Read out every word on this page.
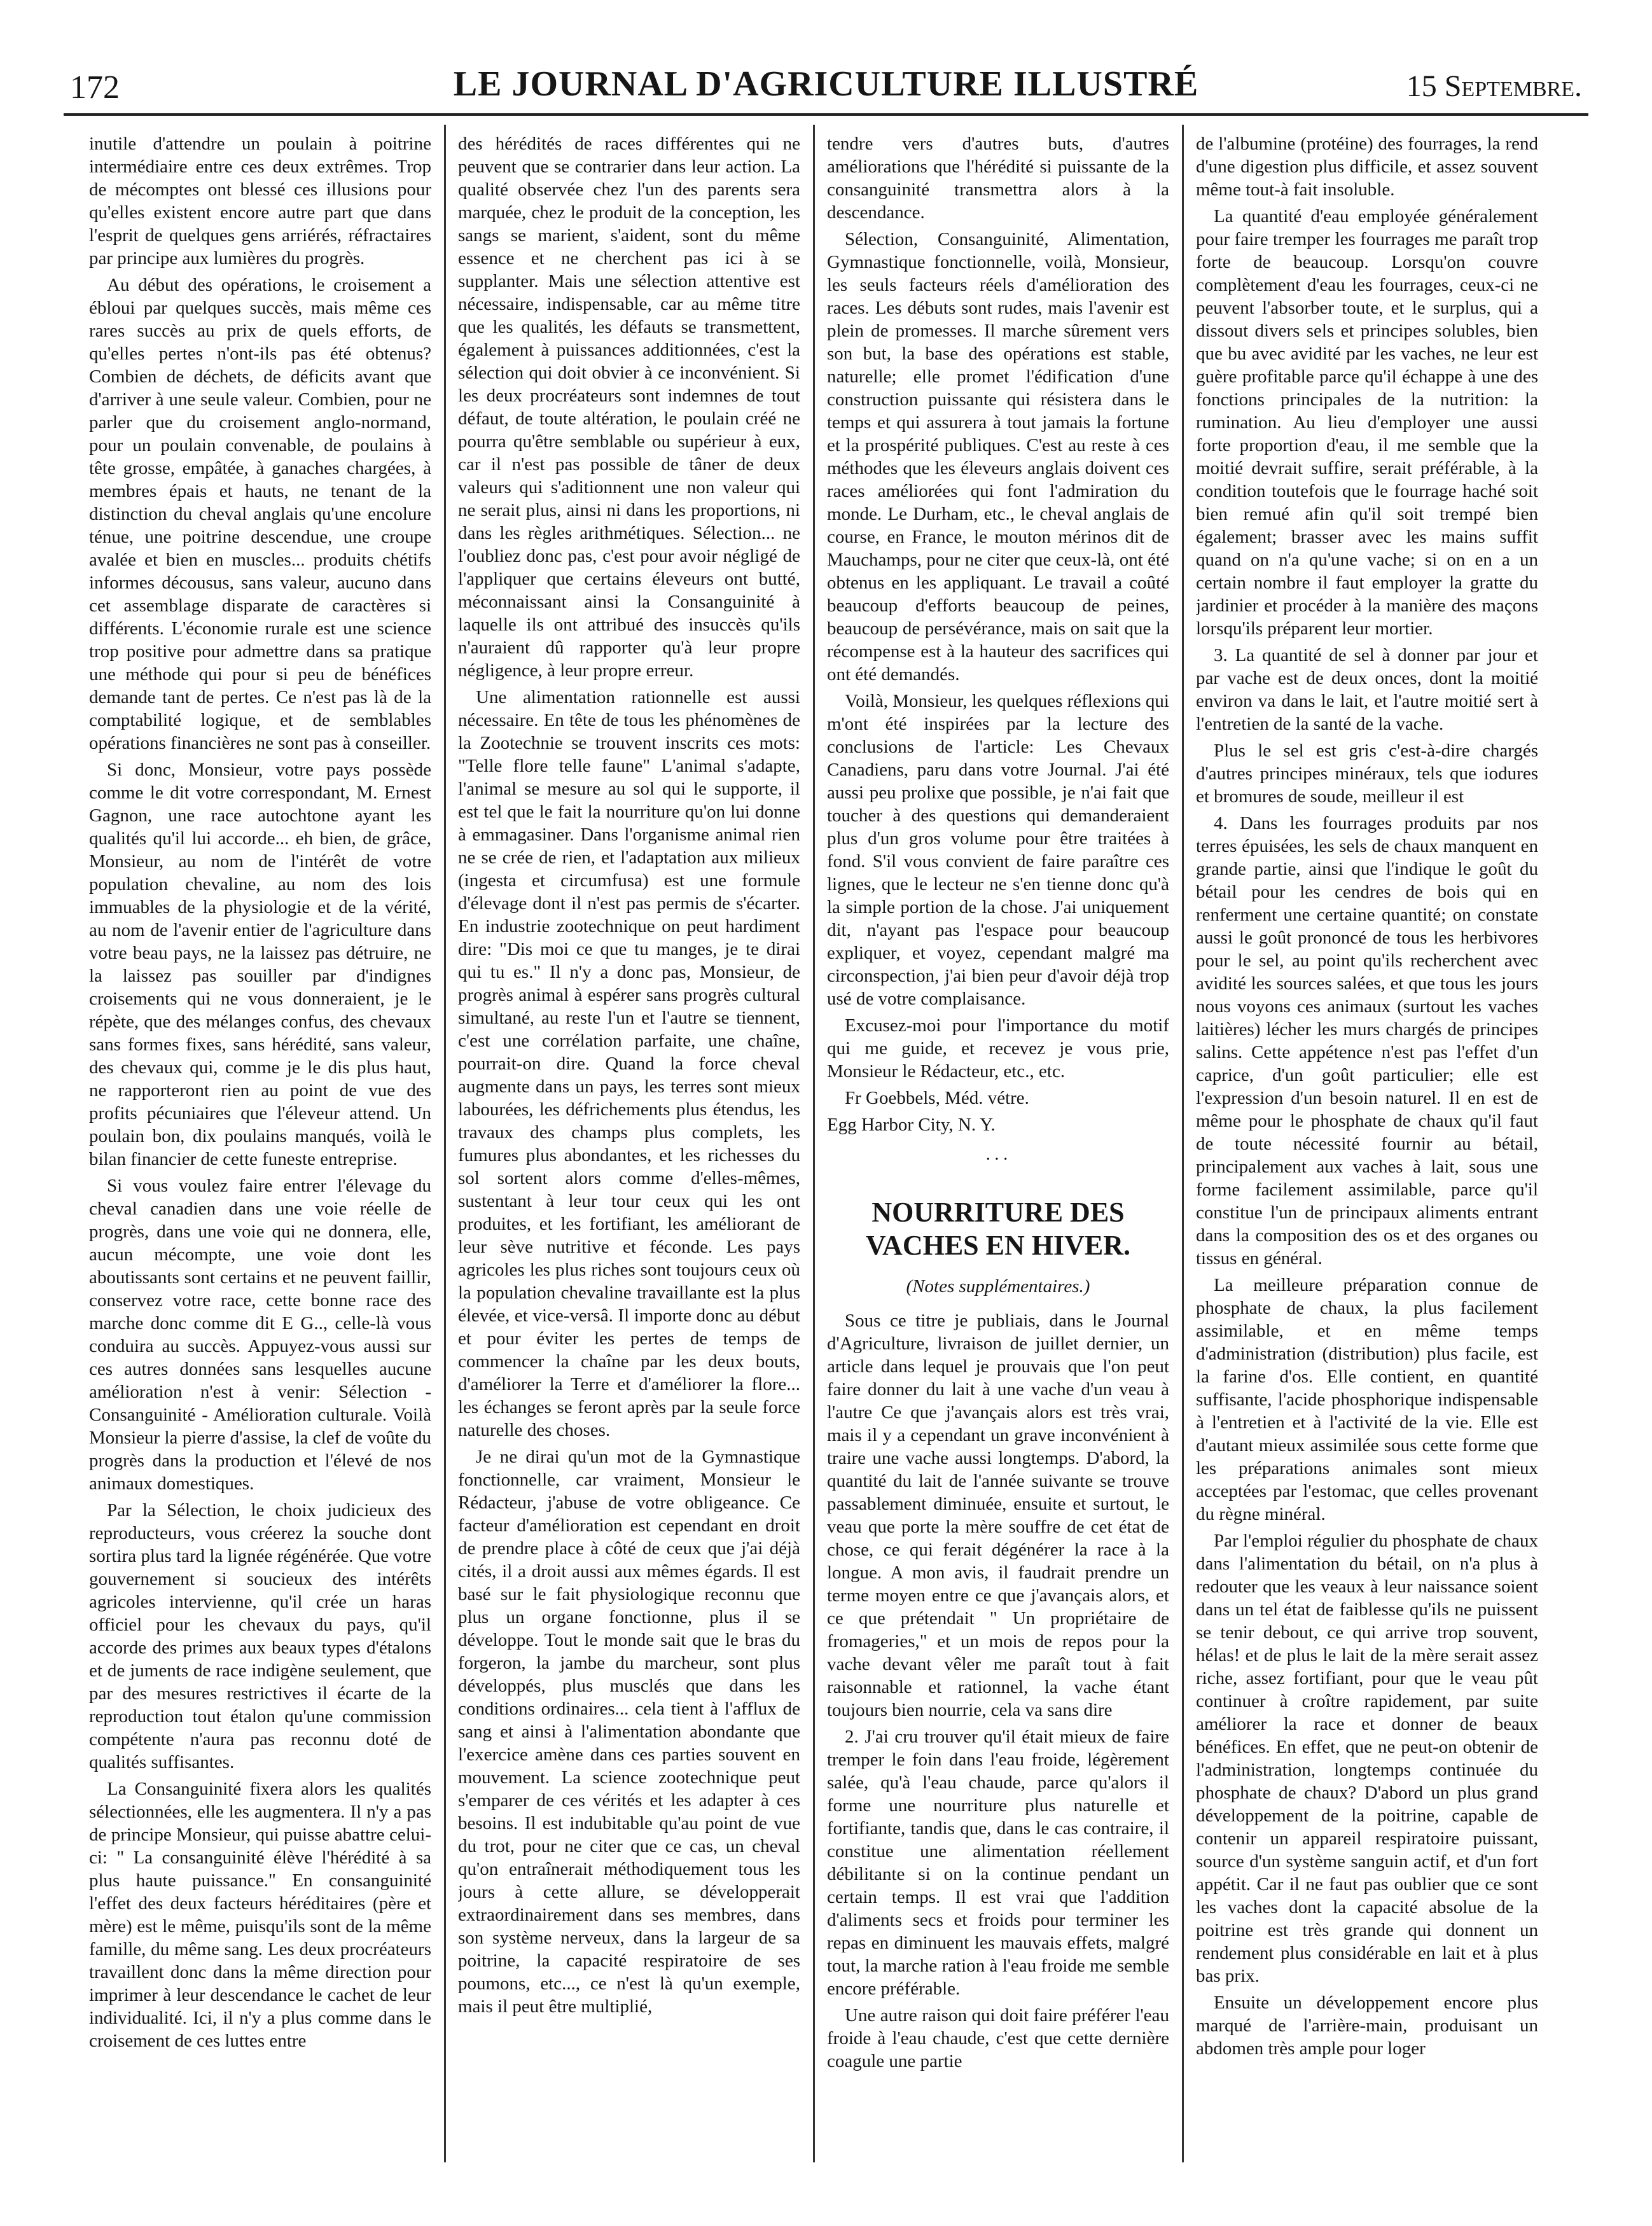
172	LE JOURNAL D'AGRICULTURE ILLUSTRÉ	15 Septembre.

inutile d'attendre un poulain à poitrine intermédiaire entre ces deux extrêmes. Trop de mécomptes ont blessé ces illusions pour qu'elles existent encore autre part que dans l'esprit de quelques gens arriérés, réfractaires par principe aux lumières du progrès.

Au début des opérations, le croisement a ébloui par quelques succès, mais même ces rares succès au prix de quels efforts, de qu'elles pertes n'ont-ils pas été obtenus? Combien de déchets, de déficits avant que d'arriver à une seule valeur. Combien, pour ne parler que du croisement anglo-normand, pour un poulain convenable, de poulains à tête grosse, empâtée, à ganaches chargées, à membres épais et hauts, ne tenant de la distinction du cheval anglais qu'une encolure ténue, une poitrine descendue, une croupe avalée et bien en muscles... produits chétifs informes décousus, sans valeur, aucuno dans cet assemblage disparate de caractères si différents. L'économie rurale est une science trop positive pour admettre dans sa pratique une méthode qui pour si peu de bénéfices demande tant de pertes. Ce n'est pas là de la comptabilité logique, et de semblables opérations financières ne sont pas à conseiller.

Si donc, Monsieur, votre pays possède comme le dit votre correspondant, M. Ernest Gagnon, une race autochtone ayant les qualités qu'il lui accorde... eh bien, de grâce, Monsieur, au nom de l'intérêt de votre population chevaline, au nom des lois immuables de la physiologie et de la vérité, au nom de l'avenir entier de l'agriculture dans votre beau pays, ne la laissez pas détruire, ne la laissez pas souiller par d'indignes croisements qui ne vous donneraient, je le répète, que des mélanges confus, des chevaux sans formes fixes, sans hérédité, sans valeur, des chevaux qui, comme je le dis plus haut, ne rapporteront rien au point de vue des profits pécuniaires que l'éleveur attend. Un poulain bon, dix poulains manqués, voilà le bilan financier de cette funeste entreprise.

Si vous voulez faire entrer l'élevage du cheval canadien dans une voie réelle de progrès, dans une voie qui ne donnera, elle, aucun mécompte, une voie dont les aboutissants sont certains et ne peuvent faillir, conservez votre race, cette bonne race des marche donc comme dit E G.., celle-là vous conduira au succès. Appuyez-vous aussi sur ces autres données sans lesquelles aucune amélioration n'est à venir: Sélection - Consanguinité - Amélioration culturale. Voilà Monsieur la pierre d'assise, la clef de voûte du progrès dans la production et l'élevé de nos animaux domestiques.

Par la Sélection, le choix judicieux des reproducteurs, vous créerez la souche dont sortira plus tard la lignée régénérée. Que votre gouvernement si soucieux des intérêts agricoles intervienne, qu'il crée un haras officiel pour les chevaux du pays, qu'il accorde des primes aux beaux types d'étalons et de juments de race indigène seulement, que par des mesures restrictives il écarte de la reproduction tout étalon qu'une commission compétente n'aura pas reconnu doté de qualités suffisantes.

La Consanguinité fixera alors les qualités sélectionnées, elle les augmentera. Il n'y a pas de principe Monsieur, qui puisse abattre celui-ci: " La consanguinité élève l'hérédité à sa plus haute puissance." En consanguinité l'effet des deux facteurs héréditaires (père et mère) est le même, puisqu'ils sont de la même famille, du même sang. Les deux procréateurs travaillent donc dans la même direction pour imprimer à leur descendance le cachet de leur individualité. Ici, il n'y a plus comme dans le croisement de ces luttes entre

des hérédités de races différentes qui ne peuvent que se contrarier dans leur action. La qualité observée chez l'un des parents sera marquée, chez le produit de la conception, les sangs se marient, s'aident, sont du même essence et ne cherchent pas ici à se supplanter. Mais une sélection attentive est nécessaire, indispensable, car au même titre que les qualités, les défauts se transmettent, également à puissances additionnées, c'est la sélection qui doit obvier à ce inconvénient. Si les deux procréateurs sont indemnes de tout défaut, de toute altération, le poulain créé ne pourra qu'être semblable ou supérieur à eux, car il n'est pas possible de tâner de deux valeurs qui s'aditionnent une non valeur qui ne serait plus, ainsi ni dans les proportions, ni dans les règles arithmétiques. Sélection... ne l'oubliez donc pas, c'est pour avoir négligé de l'appliquer que certains éleveurs ont butté, méconnaissant ainsi la Consanguinité à laquelle ils ont attribué des insuccès qu'ils n'auraient dû rapporter qu'à leur propre négligence, à leur propre erreur.

Une alimentation rationnelle est aussi nécessaire. En tête de tous les phénomènes de la Zootechnie se trouvent inscrits ces mots: "Telle flore telle faune" L'animal s'adapte, l'animal se mesure au sol qui le supporte, il est tel que le fait la nourriture qu'on lui donne à emmagasiner. Dans l'organisme animal rien ne se crée de rien, et l'adaptation aux milieux (ingesta et circumfusa) est une formule d'élevage dont il n'est pas permis de s'écarter. En industrie zootechnique on peut hardiment dire: "Dis moi ce que tu manges, je te dirai qui tu es." Il n'y a donc pas, Monsieur, de progrès animal à espérer sans progrès cultural simultané, au reste l'un et l'autre se tiennent, c'est une corrélation parfaite, une chaîne, pourrait-on dire. Quand la force cheval augmente dans un pays, les terres sont mieux labourées, les défrichements plus étendus, les travaux des champs plus complets, les fumures plus abondantes, et les richesses du sol sortent alors comme d'elles-mêmes, sustentant à leur tour ceux qui les ont produites, et les fortifiant, les améliorant de leur sève nutritive et féconde. Les pays agricoles les plus riches sont toujours ceux où la population chevaline travaillante est la plus élevée, et vice-versâ. Il importe donc au début et pour éviter les pertes de temps de commencer la chaîne par les deux bouts, d'améliorer la Terre et d'améliorer la flore... les échanges se feront après par la seule force naturelle des choses.

Je ne dirai qu'un mot de la Gymnastique fonctionnelle, car vraiment, Monsieur le Rédacteur, j'abuse de votre obligeance. Ce facteur d'amélioration est cependant en droit de prendre place à côté de ceux que j'ai déjà cités, il a droit aussi aux mêmes égards. Il est basé sur le fait physiologique reconnu que plus un organe fonctionne, plus il se développe. Tout le monde sait que le bras du forgeron, la jambe du marcheur, sont plus développés, plus musclés que dans les conditions ordinaires... cela tient à l'afflux de sang et ainsi à l'alimentation abondante que l'exercice amène dans ces parties souvent en mouvement. La science zootechnique peut s'emparer de ces vérités et les adapter à ces besoins. Il est indubitable qu'au point de vue du trot, pour ne citer que ce cas, un cheval qu'on entraînerait méthodiquement tous les jours à cette allure, se développerait extraordinairement dans ses membres, dans son système nerveux, dans la largeur de sa poitrine, la capacité respiratoire de ses poumons, etc..., ce n'est là qu'un exemple, mais il peut être multiplié,

tendre vers d'autres buts, d'autres améliorations que l'hérédité si puissante de la consanguinité transmettra alors à la descendance.

Sélection, Consanguinité, Alimentation, Gymnastique fonctionnelle, voilà, Monsieur, les seuls facteurs réels d'amélioration des races. Les débuts sont rudes, mais l'avenir est plein de promesses. Il marche sûrement vers son but, la base des opérations est stable, naturelle; elle promet l'édification d'une construction puissante qui résistera dans le temps et qui assurera à tout jamais la fortune et la prospérité publiques. C'est au reste à ces méthodes que les éleveurs anglais doivent ces races améliorées qui font l'admiration du monde. Le Durham, etc., le cheval anglais de course, en France, le mouton mérinos dit de Mauchamps, pour ne citer que ceux-là, ont été obtenus en les appliquant. Le travail a coûté beaucoup d'efforts beaucoup de peines, beaucoup de persévérance, mais on sait que la récompense est à la hauteur des sacrifices qui ont été demandés.

Voilà, Monsieur, les quelques réflexions qui m'ont été inspirées par la lecture des conclusions de l'article: Les Chevaux Canadiens, paru dans votre Journal. J'ai été aussi peu prolixe que possible, je n'ai fait que toucher à des questions qui demanderaient plus d'un gros volume pour être traitées à fond. S'il vous convient de faire paraître ces lignes, que le lecteur ne s'en tienne donc qu'à la simple portion de la chose. J'ai uniquement dit, n'ayant pas l'espace pour beaucoup expliquer, et voyez, cependant malgré ma circonspection, j'ai bien peur d'avoir déjà trop usé de votre complaisance.

Excusez-moi pour l'importance du motif qui me guide, et recevez je vous prie, Monsieur le Rédacteur, etc., etc.

Fr Goebbels, Méd. vétre.

Egg Harbor City, N. Y.

···
NOURRITURE DES VACHES EN HIVER.

(Notes supplémentaires.)

Sous ce titre je publiais, dans le Journal d'Agriculture, livraison de juillet dernier, un article dans lequel je prouvais que l'on peut faire donner du lait à une vache d'un veau à l'autre Ce que j'avançais alors est très vrai, mais il y a cependant un grave inconvénient à traire une vache aussi longtemps. D'abord, la quantité du lait de l'année suivante se trouve passablement diminuée, ensuite et surtout, le veau que porte la mère souffre de cet état de chose, ce qui ferait dégénérer la race à la longue. A mon avis, il faudrait prendre un terme moyen entre ce que j'avançais alors, et ce que prétendait " Un propriétaire de fromageries," et un mois de repos pour la vache devant vêler me paraît tout à fait raisonnable et rationnel, la vache étant toujours bien nourrie, cela va sans dire

2. J'ai cru trouver qu'il était mieux de faire tremper le foin dans l'eau froide, légèrement salée, qu'à l'eau chaude, parce qu'alors il forme une nourriture plus naturelle et fortifiante, tandis que, dans le cas contraire, il constitue une alimentation réellement débilitante si on la continue pendant un certain temps. Il est vrai que l'addition d'aliments secs et froids pour terminer les repas en diminuent les mauvais effets, malgré tout, la marche ration à l'eau froide me semble encore préférable.

Une autre raison qui doit faire préférer l'eau froide à l'eau chaude, c'est que cette dernière coagule une partie

de l'albumine (protéine) des fourrages, la rend d'une digestion plus difficile, et assez souvent même tout-à fait insoluble.

La quantité d'eau employée généralement pour faire tremper les fourrages me paraît trop forte de beaucoup. Lorsqu'on couvre complètement d'eau les fourrages, ceux-ci ne peuvent l'absorber toute, et le surplus, qui a dissout divers sels et principes solubles, bien que bu avec avidité par les vaches, ne leur est guère profitable parce qu'il échappe à une des fonctions principales de la nutrition: la rumination. Au lieu d'employer une aussi forte proportion d'eau, il me semble que la moitié devrait suffire, serait préférable, à la condition toutefois que le fourrage haché soit bien remué afin qu'il soit trempé bien également; brasser avec les mains suffit quand on n'a qu'une vache; si on en a un certain nombre il faut employer la gratte du jardinier et procéder à la manière des maçons lorsqu'ils préparent leur mortier.

3. La quantité de sel à donner par jour et par vache est de deux onces, dont la moitié environ va dans le lait, et l'autre moitié sert à l'entretien de la santé de la vache.

Plus le sel est gris c'est-à-dire chargés d'autres principes minéraux, tels que iodures et bromures de soude, meilleur il est

4. Dans les fourrages produits par nos terres épuisées, les sels de chaux manquent en grande partie, ainsi que l'indique le goût du bétail pour les cendres de bois qui en renferment une certaine quantité; on constate aussi le goût prononcé de tous les herbivores pour le sel, au point qu'ils recherchent avec avidité les sources salées, et que tous les jours nous voyons ces animaux (surtout les vaches laitières) lécher les murs chargés de principes salins. Cette appétence n'est pas l'effet d'un caprice, d'un goût particulier; elle est l'expression d'un besoin naturel. Il en est de même pour le phosphate de chaux qu'il faut de toute nécessité fournir au bétail, principalement aux vaches à lait, sous une forme facilement assimilable, parce qu'il constitue l'un de principaux aliments entrant dans la composition des os et des organes ou tissus en général.

La meilleure préparation connue de phosphate de chaux, la plus facilement assimilable, et en même temps d'administration (distribution) plus facile, est la farine d'os. Elle contient, en quantité suffisante, l'acide phosphorique indispensable à l'entretien et à l'activité de la vie. Elle est d'autant mieux assimilée sous cette forme que les préparations animales sont mieux acceptées par l'estomac, que celles provenant du règne minéral.

Par l'emploi régulier du phosphate de chaux dans l'alimentation du bétail, on n'a plus à redouter que les veaux à leur naissance soient dans un tel état de faiblesse qu'ils ne puissent se tenir debout, ce qui arrive trop souvent, hélas! et de plus le lait de la mère serait assez riche, assez fortifiant, pour que le veau pût continuer à croître rapidement, par suite améliorer la race et donner de beaux bénéfices. En effet, que ne peut-on obtenir de l'administration, longtemps continuée du phosphate de chaux? D'abord un plus grand développement de la poitrine, capable de contenir un appareil respiratoire puissant, source d'un système sanguin actif, et d'un fort appétit. Car il ne faut pas oublier que ce sont les vaches dont la capacité absolue de la poitrine est très grande qui donnent un rendement plus considérable en lait et à plus bas prix.

Ensuite un développement encore plus marqué de l'arrière-main, produisant un abdomen très ample pour loger
